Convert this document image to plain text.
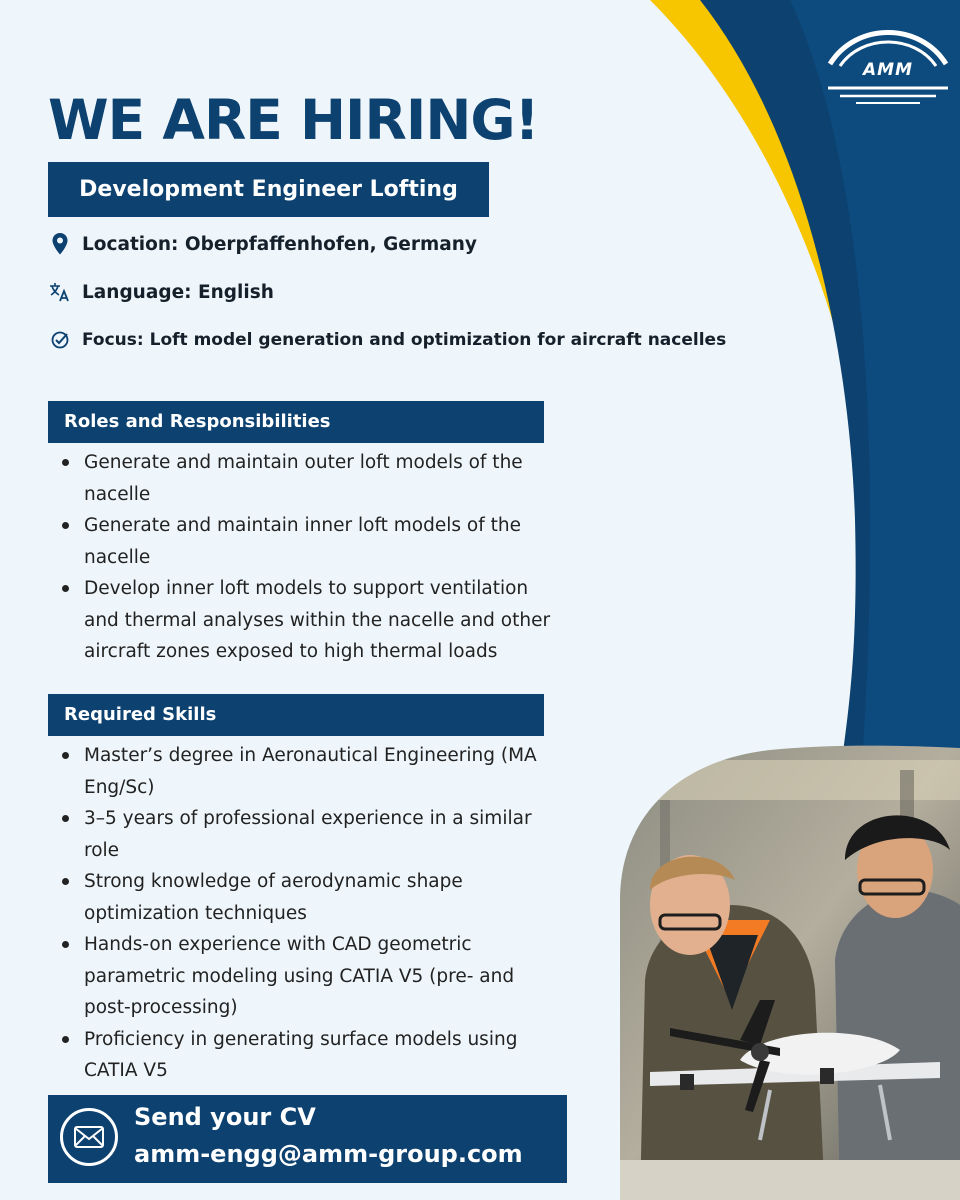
AMM
WE ARE HIRING!
Development Engineer Lofting
Location: Oberpfaffenhofen, Germany
Language: English
Focus: Loft model generation and optimization for aircraft nacelles
Roles and Responsibilities
Generate and maintain outer loft models of the
nacelle
Generate and maintain inner loft models of the
nacelle
Develop inner loft models to support ventilation
and thermal analyses within the nacelle and other
aircraft zones exposed to high thermal loads
Required Skills
Master’s degree in Aeronautical Engineering (MA
Eng/Sc)
3–5 years of professional experience in a similar
role
Strong knowledge of aerodynamic shape
optimization techniques
Hands-on experience with CAD geometric
parametric modeling using CATIA V5 (pre- and
post-processing)
Proficiency in generating surface models using
CATIA V5
Send your CV
amm-engg@amm-group.com
